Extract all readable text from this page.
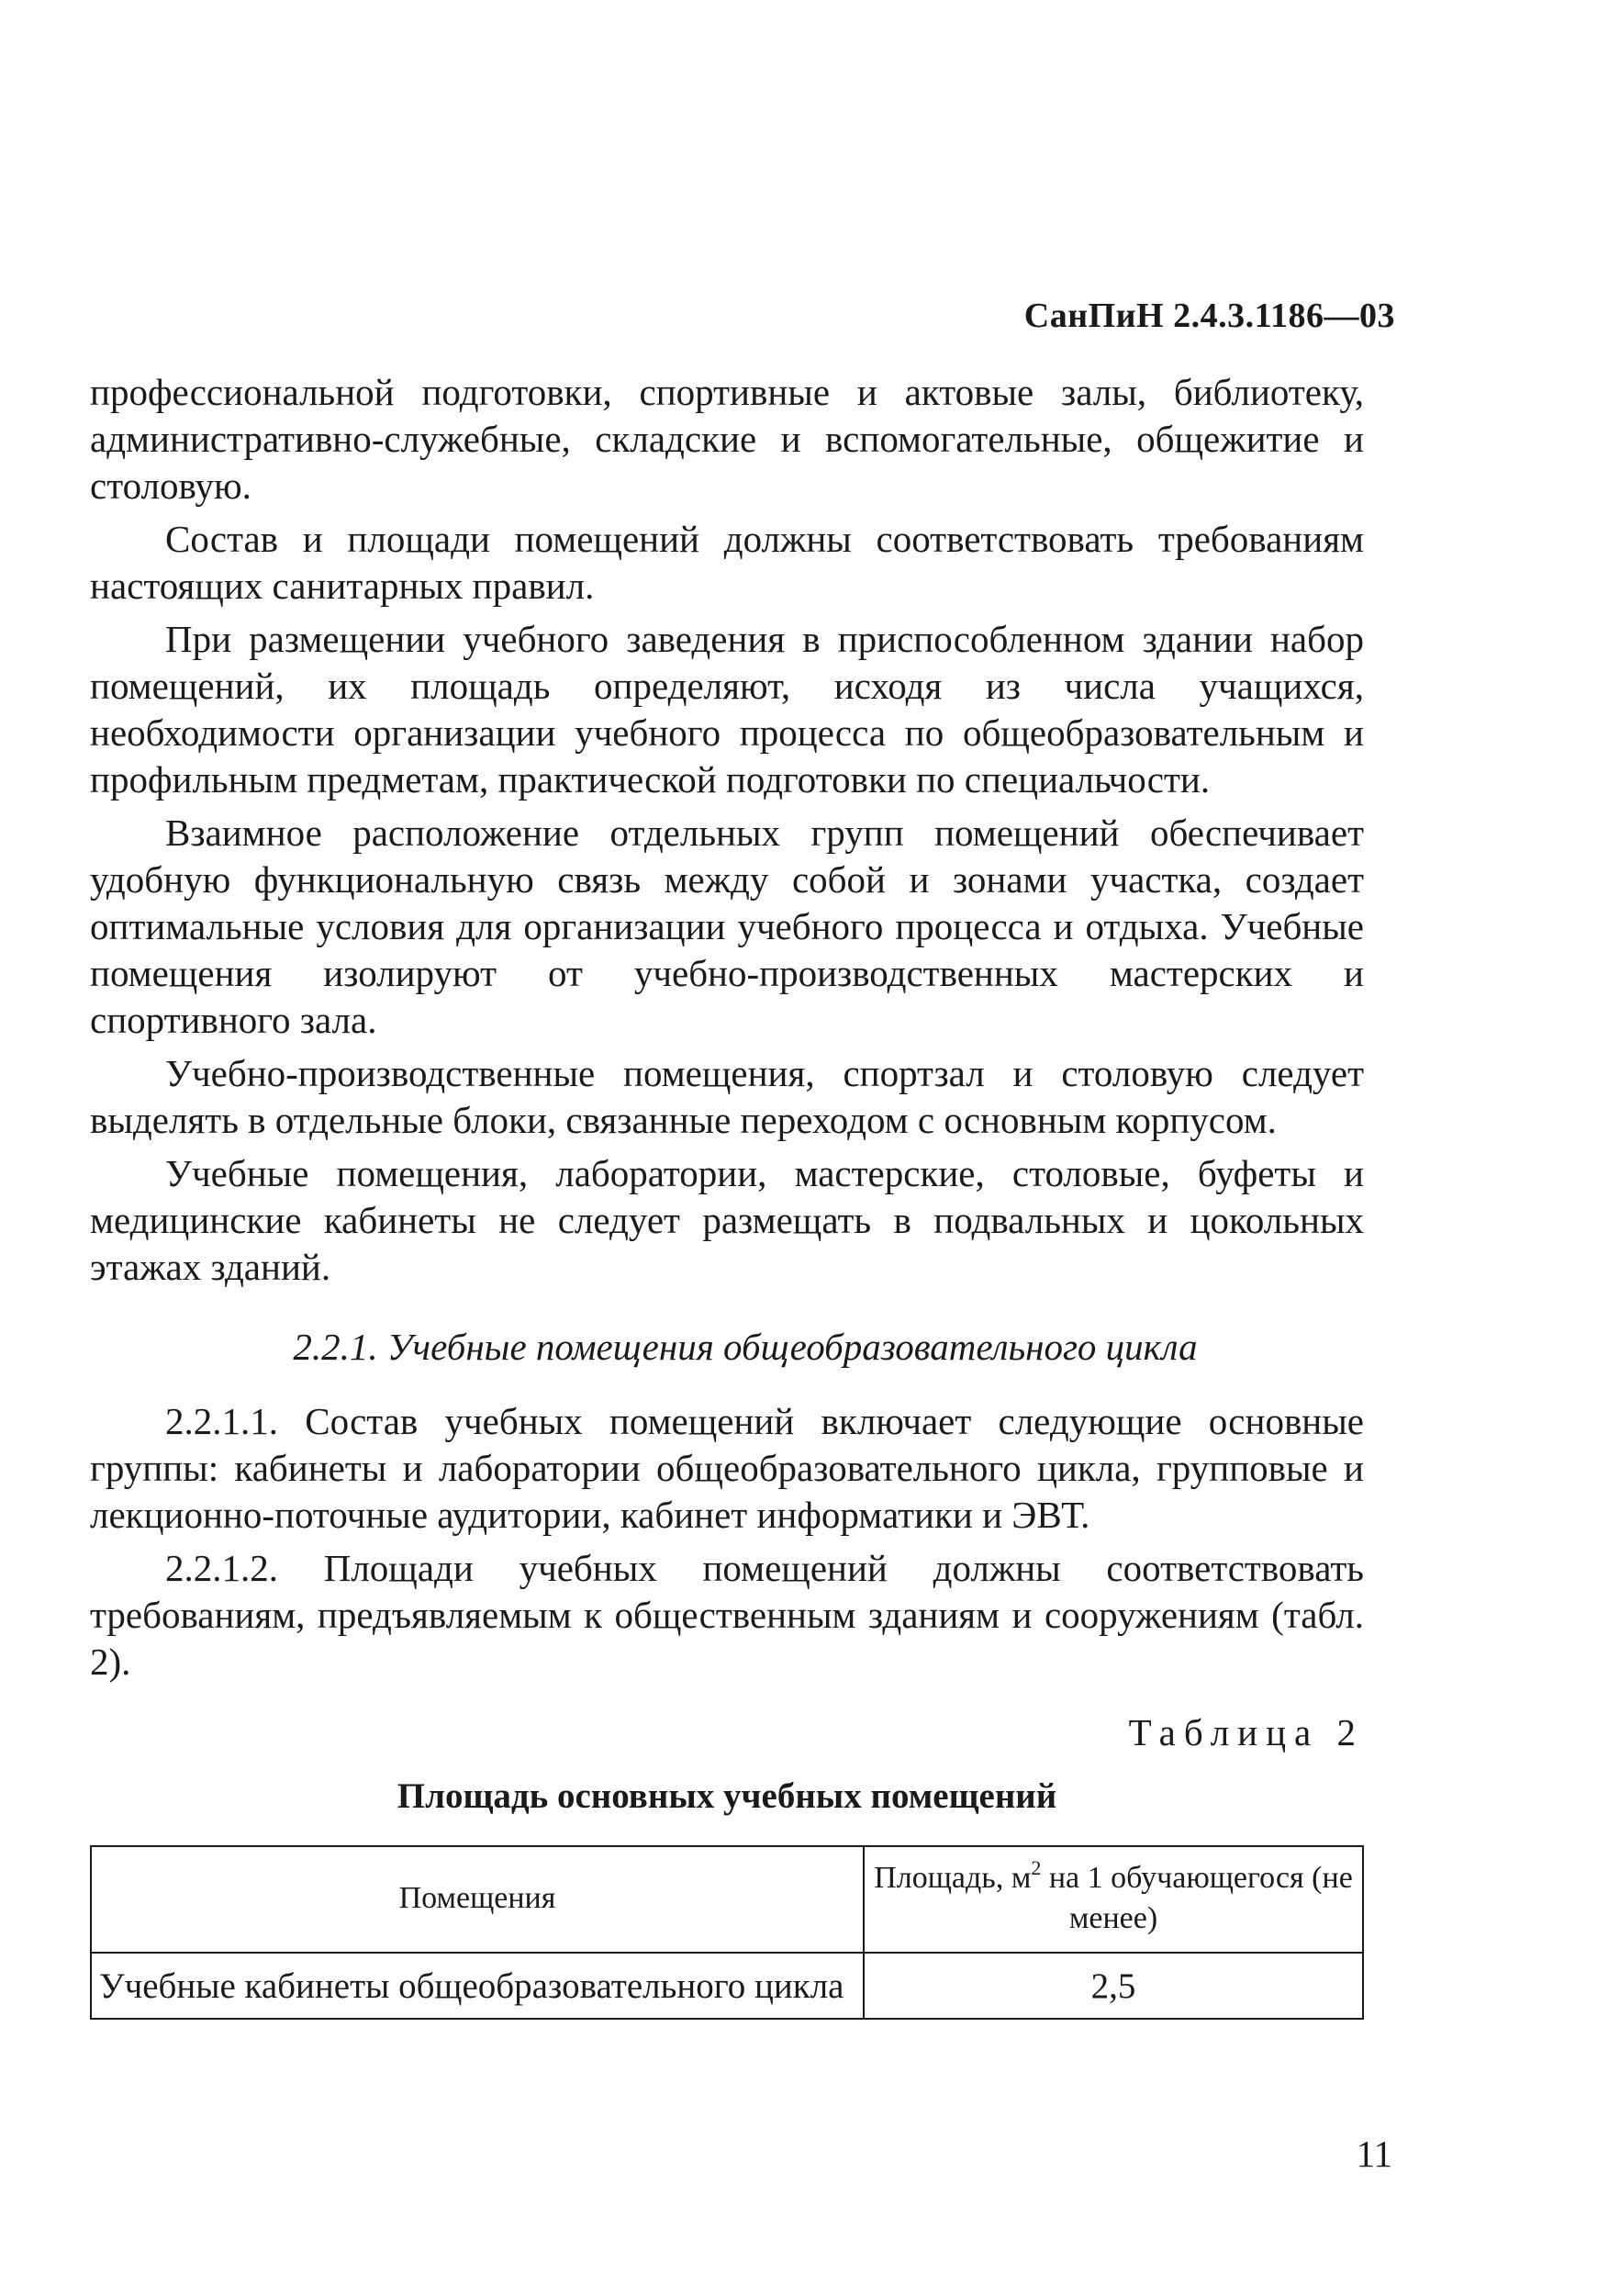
СанПиН 2.4.3.1186—03

профессиональной подготовки, спортивные и актовые залы, библиотеку, административно-служебные, складские и вспомогательные, общежитие и столовую.

Состав и площади помещений должны соответствовать требованиям настоящих санитарных правил.

При размещении учебного заведения в приспособленном здании набор помещений, их площадь определяют, исходя из числа учащихся, необходимости организации учебного процесса по общеобразовательным и профильным предметам, практической подготовки по специальчости.

Взаимное расположение отдельных групп помещений обеспечивает удобную функциональную связь между собой и зонами участка, создает оптимальные условия для организации учебного процесса и отдыха. Учебные помещения изолируют от учебно-производственных мастерских и спортивного зала.

Учебно-производственные помещения, спортзал и столовую следует выделять в отдельные блоки, связанные переходом с основным корпусом.

Учебные помещения, лаборатории, мастерские, столовые, буфеты и медицинские кабинеты не следует размещать в подвальных и цокольных этажах зданий.

2.2.1. Учебные помещения общеобразовательного цикла

2.2.1.1. Состав учебных помещений включает следующие основные группы: кабинеты и лаборатории общеобразовательного цикла, групповые и лекционно-поточные аудитории, кабинет информатики и ЭВТ.

2.2.1.2. Площади учебных помещений должны соответствовать требованиям, предъявляемым к общественным зданиям и сооружениям (табл. 2).

Таблица 2

Площадь основных учебных помещений

Помещения	Площадь, $м^2$ на 1 обучающегося (не менее)
Учебные кабинеты общеобразовательного цикла	2,5
11
